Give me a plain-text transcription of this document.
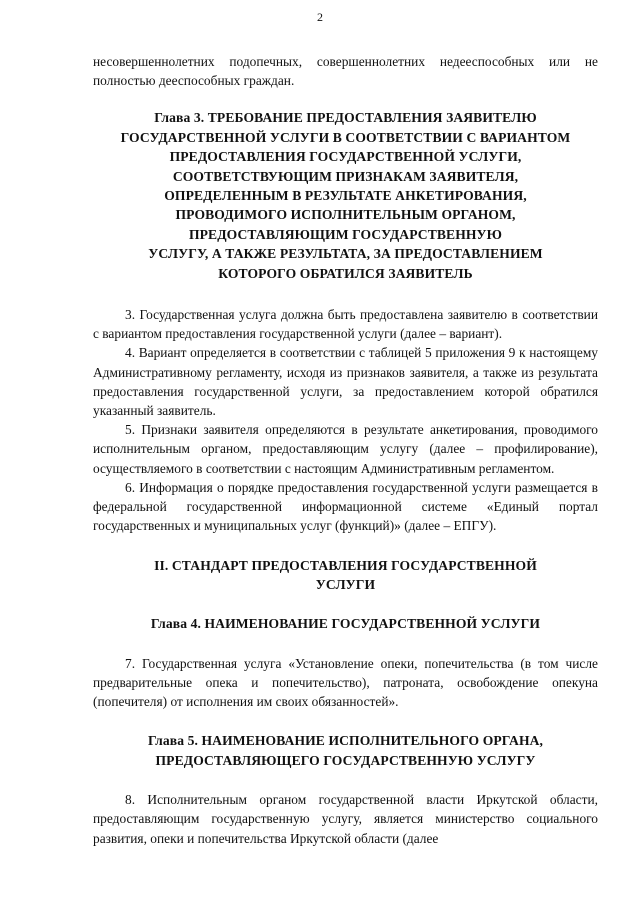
2

несовершеннолетних подопечных, совершеннолетних недееспособных или не полностью дееспособных граждан.

Глава 3. ТРЕБОВАНИЕ ПРЕДОСТАВЛЕНИЯ ЗАЯВИТЕЛЮ
ГОСУДАРСТВЕННОЙ УСЛУГИ В СООТВЕТСТВИИ С ВАРИАНТОМ
ПРЕДОСТАВЛЕНИЯ ГОСУДАРСТВЕННОЙ УСЛУГИ,
СООТВЕТСТВУЮЩИМ ПРИЗНАКАМ ЗАЯВИТЕЛЯ,
ОПРЕДЕЛЕННЫМ В РЕЗУЛЬТАТЕ АНКЕТИРОВАНИЯ,
ПРОВОДИМОГО ИСПОЛНИТЕЛЬНЫМ ОРГАНОМ,
ПРЕДОСТАВЛЯЮЩИМ ГОСУДАРСТВЕННУЮ
УСЛУГУ, А ТАКЖЕ РЕЗУЛЬТАТА, ЗА ПРЕДОСТАВЛЕНИЕМ
КОТОРОГО ОБРАТИЛСЯ ЗАЯВИТЕЛЬ

3. Государственная услуга должна быть предоставлена заявителю в соответствии с вариантом предоставления государственной услуги (далее – вариант).

4. Вариант определяется в соответствии с таблицей 5 приложения 9 к настоящему Административному регламенту, исходя из признаков заявителя, а также из результата предоставления государственной услуги, за предоставлением которой обратился указанный заявитель.

5. Признаки заявителя определяются в результате анкетирования, проводимого исполнительным органом, предоставляющим услугу (далее – профилирование), осуществляемого в соответствии с настоящим Административным регламентом.

6. Информация о порядке предоставления государственной услуги размещается в федеральной государственной информационной системе «Единый портал государственных и муниципальных услуг (функций)» (далее – ЕПГУ).

II. СТАНДАРТ ПРЕДОСТАВЛЕНИЯ ГОСУДАРСТВЕННОЙ
УСЛУГИ
Глава 4. НАИМЕНОВАНИЕ ГОСУДАРСТВЕННОЙ УСЛУГИ

7. Государственная услуга «Установление опеки, попечительства (в том числе предварительные опека и попечительство), патроната, освобождение опекуна (попечителя) от исполнения им своих обязанностей».

Глава 5. НАИМЕНОВАНИЕ ИСПОЛНИТЕЛЬНОГО ОРГАНА,
ПРЕДОСТАВЛЯЮЩЕГО ГОСУДАРСТВЕННУЮ УСЛУГУ

8. Исполнительным органом государственной власти Иркутской области, предоставляющим государственную услугу, является министерство социального развития, опеки и попечительства Иркутской области (далее
